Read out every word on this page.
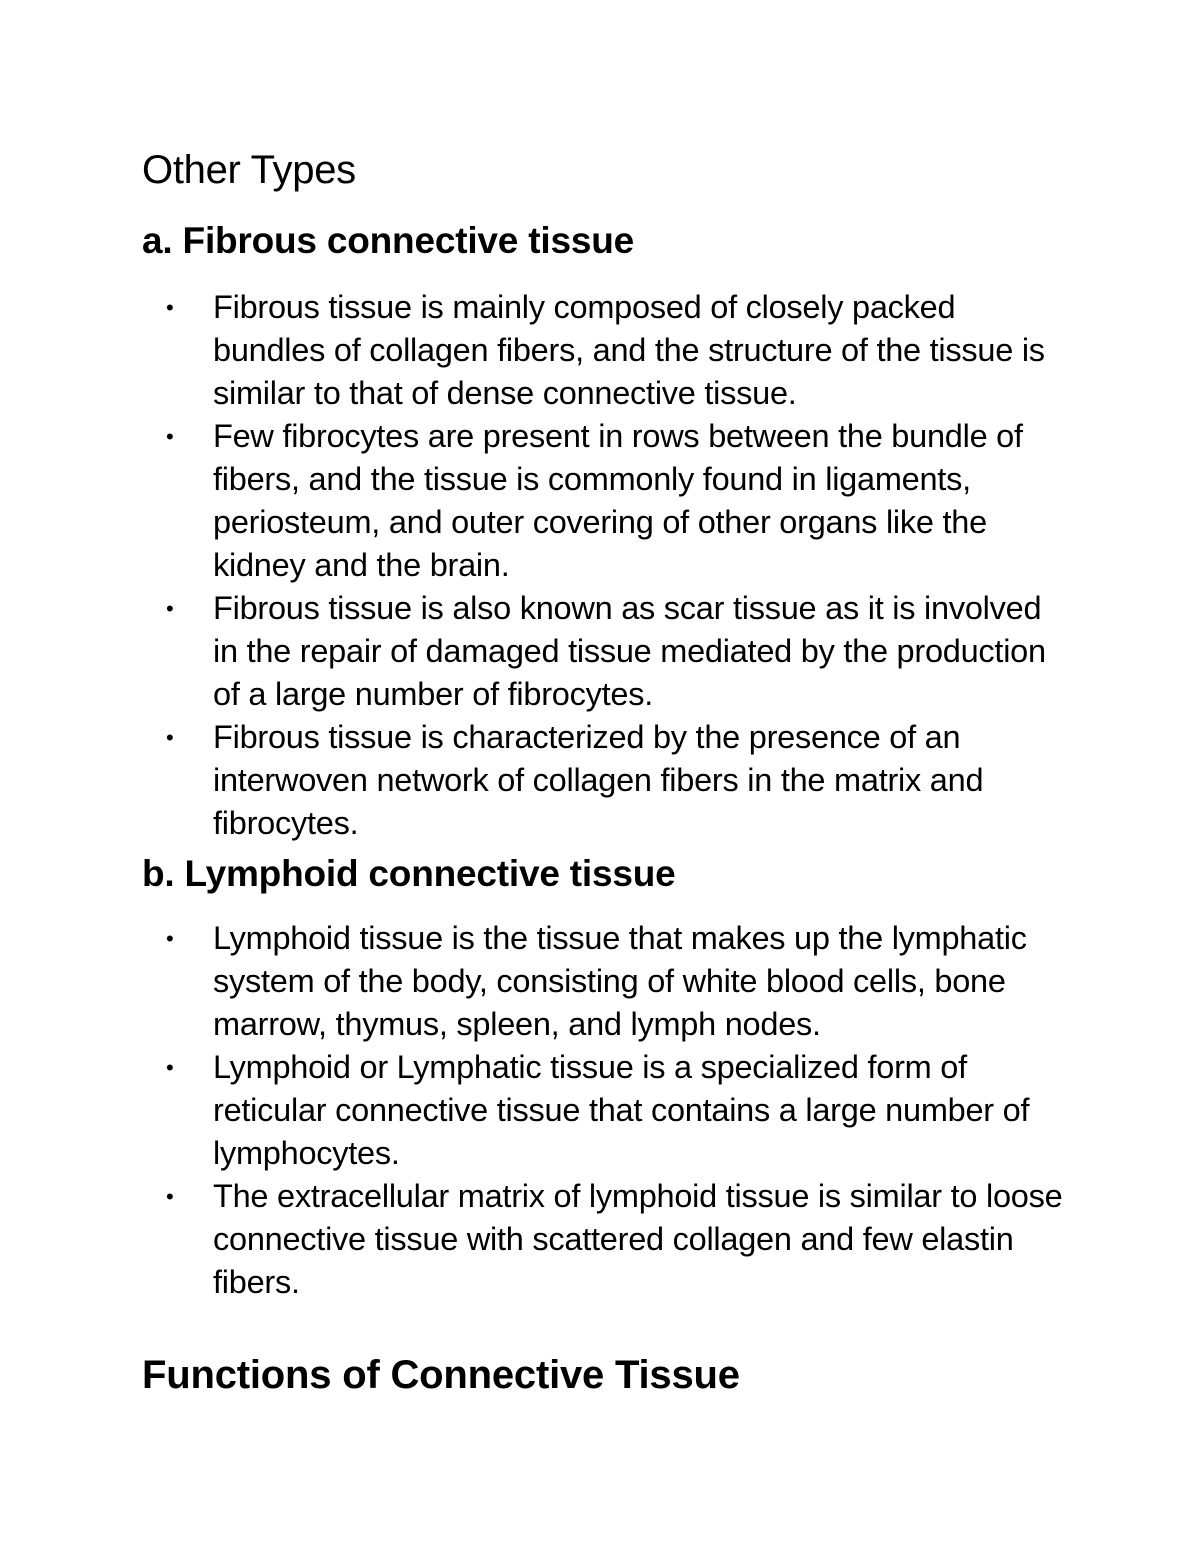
Other Types
a. Fibrous connective tissue
• Fibrous tissue is mainly composed of closely packed bundles of collagen fibers, and the structure of the tissue is similar to that of dense connective tissue.
• Few fibrocytes are present in rows between the bundle of fibers, and the tissue is commonly found in ligaments, periosteum, and outer covering of other organs like the kidney and the brain.
• Fibrous tissue is also known as scar tissue as it is involved in the repair of damaged tissue mediated by the production of a large number of fibrocytes.
• Fibrous tissue is characterized by the presence of an interwoven network of collagen fibers in the matrix and fibrocytes.
b. Lymphoid connective tissue
• Lymphoid tissue is the tissue that makes up the lymphatic system of the body, consisting of white blood cells, bone marrow, thymus, spleen, and lymph nodes.
• Lymphoid or Lymphatic tissue is a specialized form of reticular connective tissue that contains a large number of lymphocytes.
• The extracellular matrix of lymphoid tissue is similar to loose connective tissue with scattered collagen and few elastin fibers.
Functions of Connective Tissue
